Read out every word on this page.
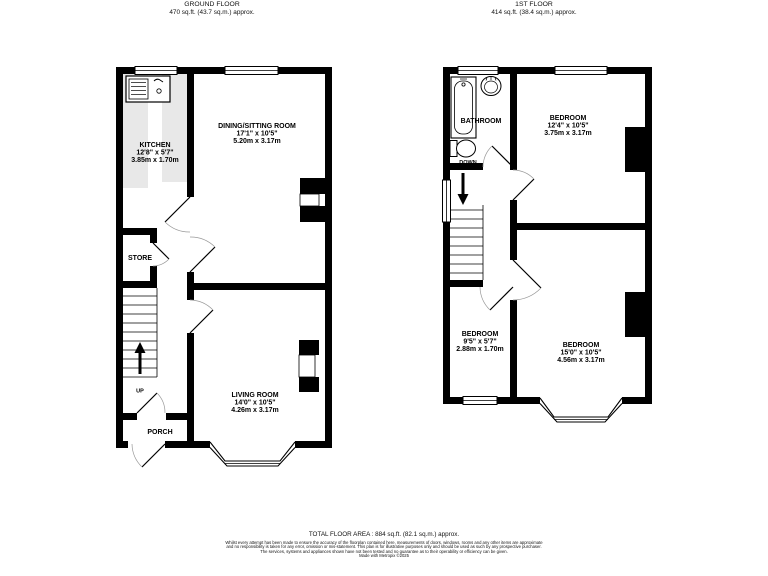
GROUND FLOOR
470 sq.ft. (43.7 sq.m.) approx.
1ST FLOOR
414 sq.ft. (38.4 sq.m.) approx.
KITCHEN
12'8" x 5'7"
3.85m x 1.70m
DINING/SITTING ROOM
17'1" x 10'5"
5.20m x 3.17m
STORE
UP
LIVING ROOM
14'0" x 10'5"
4.26m x 3.17m
PORCH
BATHROOM
DOWN
BEDROOM
12'4" x 10'5"
3.75m x 3.17m
BEDROOM
9'5" x 5'7"
2.88m x 1.70m
BEDROOM
15'0" x 10'5"
4.56m x 3.17m
TOTAL FLOOR AREA : 884 sq.ft. (82.1 sq.m.) approx.
Whilst every attempt has been made to ensure the accuracy of the floorplan contained here, measurements of doors, windows, rooms and any other items are approximate and no responsibility is taken for any error, omission or mis-statement. This plan is for illustrative purposes only and should be used as such by any prospective purchaser. The services, systems and appliances shown have not been tested and no guarantee as to their operability or efficiency can be given.
Made with Metropix ©2025
